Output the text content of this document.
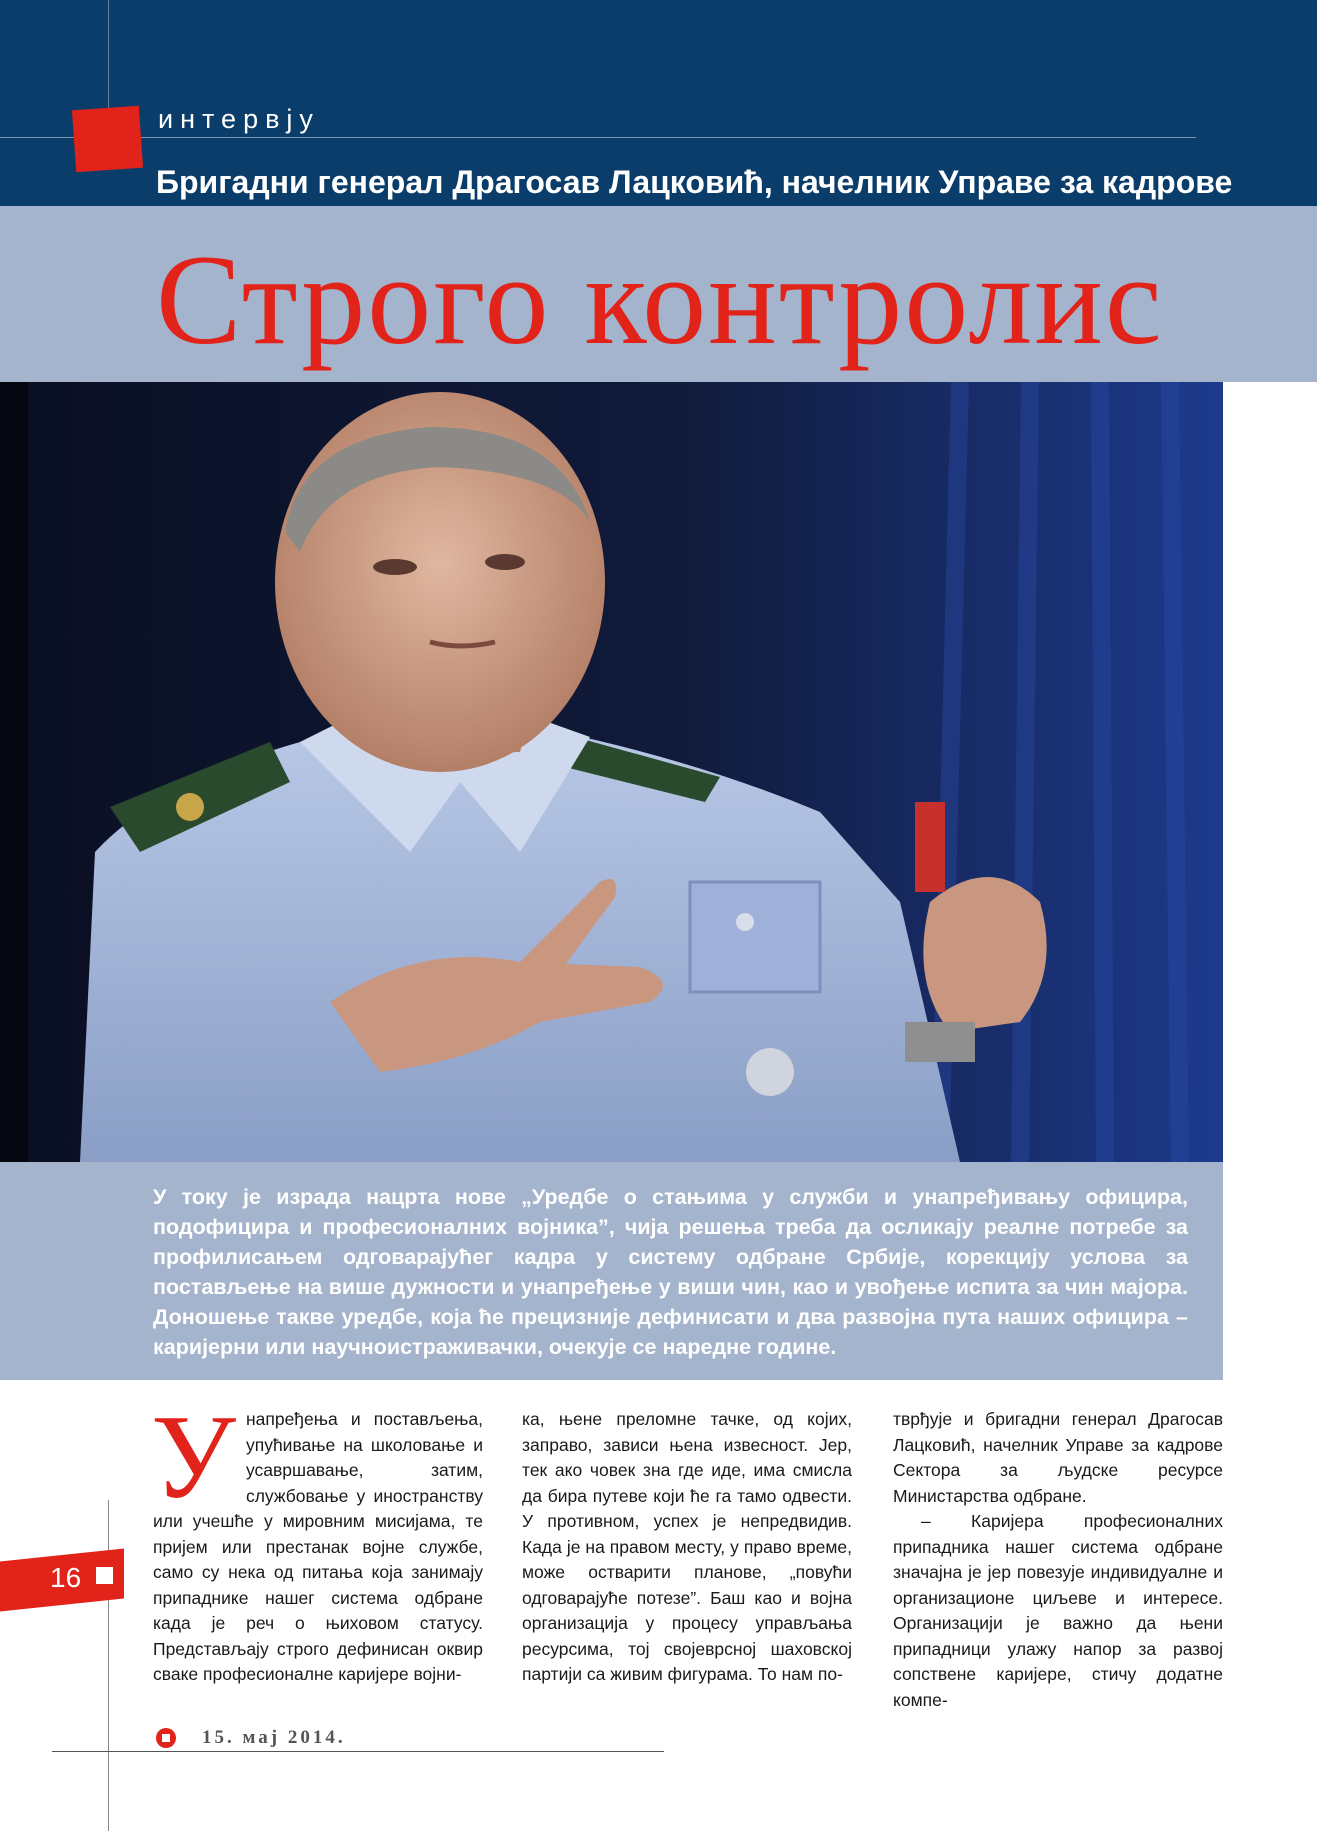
интервју
Бригадни генерал Драгосав Лацковић, начелник Управе за кадрове
Строго контролис

У току је израда нацрта нове „Уредбе о стањима у служби и унапређивању официра, подофицира и професионалних војника”, чија решења треба да осликају реалне потребе за профилисањем одговарајућег кадра у систему одбране Србије, корекцију услова за постављење на више дужности и унапређење у виши чин, као и увођење испита за чин мајора. Доношење такве уредбе, која ће прецизније дефинисати и два развојна пута наших официра – каријерни или научноистраживачки, очекује се наредне године.

У напређења и постављења, упућивање на школовање и усавршавање, затим, службовање у иностранству или учешће у мировним мисијама, те пријем или престанак војне службе, само су нека од питања која занимају припаднике нашег система одбране када је реч о њиховом статусу. Представљају строго дефинисан оквир сваке професионалне каријере војни-

ка, њене преломне тачке, од којих, заправо, зависи њена извесност. Јер, тек ако човек зна где иде, има смисла да бира путеве који ће га тамо одвести. У противном, успех је непредвидив. Када је на правом месту, у право време, може остварити планове, „повући одговарајуће потезе”. Баш као и војна организација у процесу управљања ресурсима, тој својеврсној шаховској партији са живим фигурама. То нам по-

тврђује и бригадни генерал Драгосав Лацковић, начелник Управе за кадрове Сектора за људске ресурсе Министарства одбране.

– Каријера професионалних припадника нашег система одбране значајна је јер повезује индивидуалне и организационе циљеве и интересе. Организацији је важно да њени припадници улажу напор за развој сопствене каријере, стичу додатне компе-

16
15. мај 2014.
